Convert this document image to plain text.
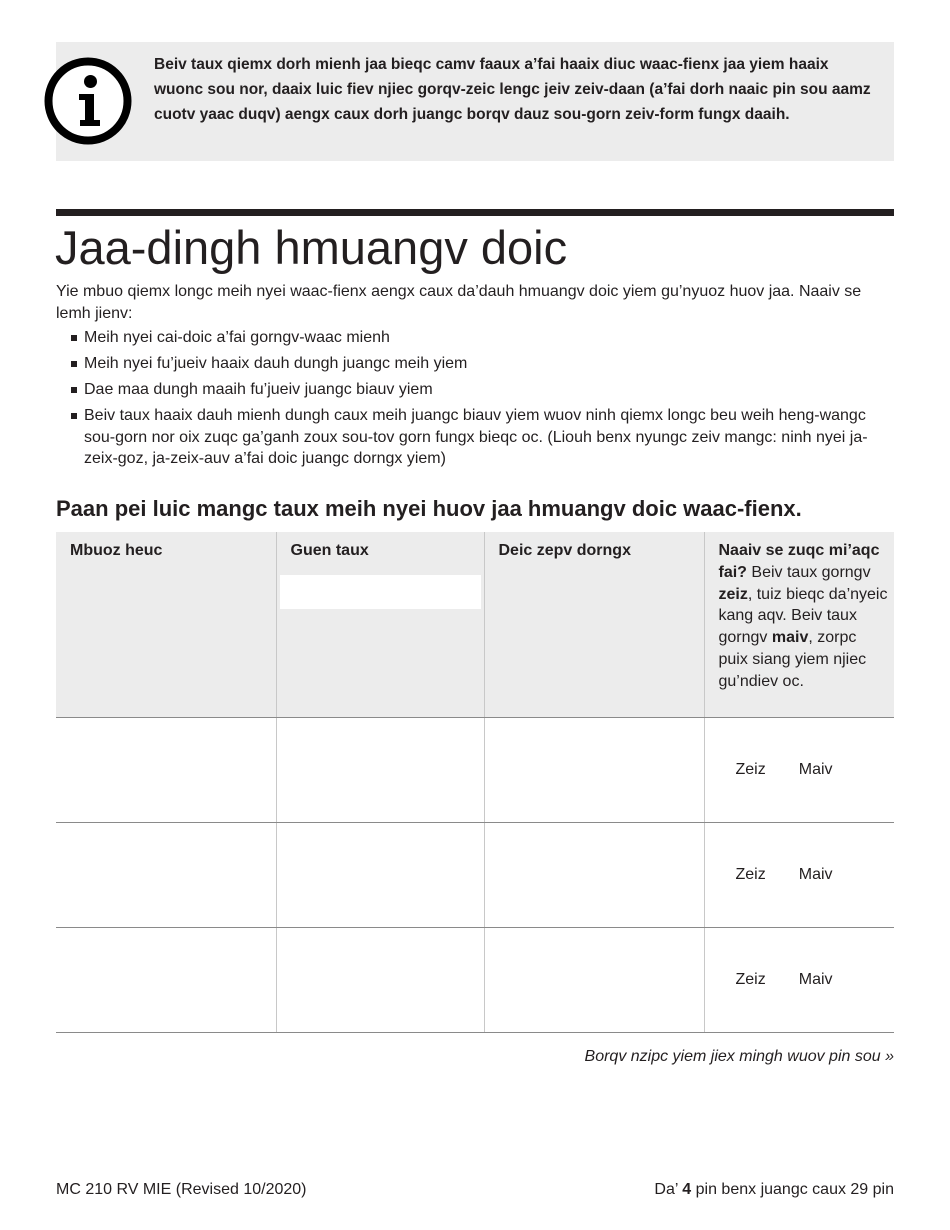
Beiv taux qiemx dorh mienh jaa bieqc camv faaux a’fai haaix diuc waac-fienx jaa yiem haaix wuonc sou nor, daaix luic fiev njiec gorqv-zeic lengc jeiv zeiv-daan (a’fai dorh naaic pin sou aamz cuotv yaac duqv) aengx caux dorh juangc borqv dauz sou-gorn zeiv-form fungx daaih.

Jaa-dingh hmuangv doic

Yie mbuo qiemx longc meih nyei waac-fienx aengx caux da’dauh hmuangv doic yiem gu’nyuoz huov jaa. Naaiv se lemh jienv:

Meih nyei cai-doic a’fai gorngv-waac mienh
Meih nyei fu’jueiv haaix dauh dungh juangc meih yiem
Dae maa dungh maaih fu’jueiv juangc biauv yiem
Beiv taux haaix dauh mienh dungh caux meih juangc biauv yiem wuov ninh qiemx longc beu weih heng-wangc sou-gorn nor oix zuqc ga’ganh zoux sou-tov gorn fungx bieqc oc. (Liouh benx nyungc zeiv mangc: ninh nyei ja-zeix-goz, ja-zeix-auv a’fai doic juangc dorngx yiem)
Paan pei luic mangc taux meih nyei huov jaa hmuangv doic waac-fienx.
Mbuoz heuc	Guen taux	Deic zepv dorngx	Naaiv se zuqc mi’aqc fai? Beiv taux gorngv zeiz, tuiz bieqc da’nyeic kang aqv. Beiv taux gorngv maiv, zorpc puix siang yiem njiec gu’ndiev oc.
			Zeiz Maiv
			Zeiz Maiv
			Zeiz Maiv

Borqv nzipc yiem jiex mingh wuov pin sou »

MC 210 RV MIE (Revised 10/2020)	Da’ 4 pin benx juangc caux 29 pin
